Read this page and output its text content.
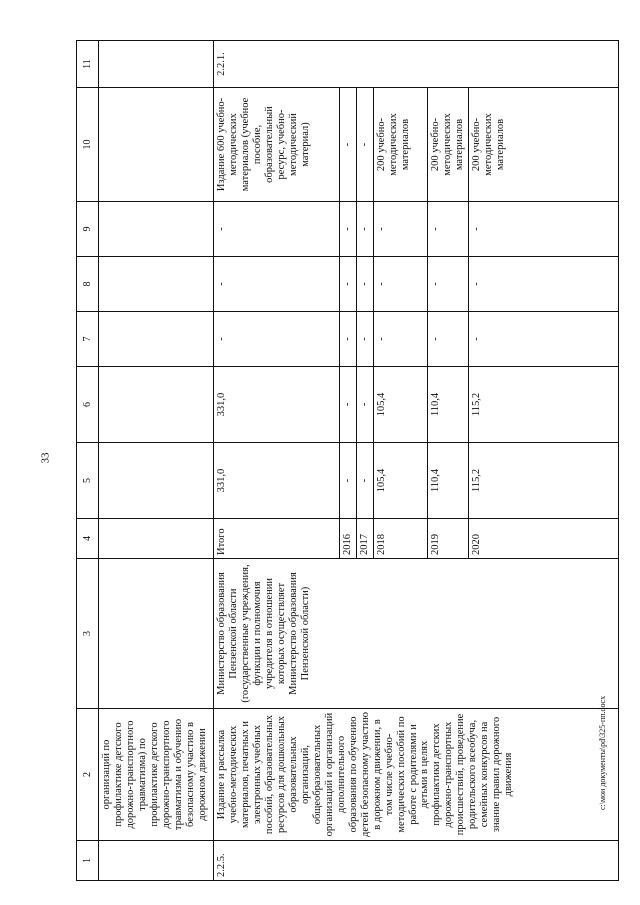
33
1	2	3	4	5	6	7	8	9	10	11
	организаций по профилактике детского дорожно-транспортного травматизма) по профилактике детского дорожно-транспортного травматизма и обучению безопасному участию в дорожном движении									
2.2.5.	Издание и рассылка учебно-методических материалов, печатных и электронных учебных пособий, образовательных ресурсов для дошкольных образовательных организаций, общеобразовательных организаций и организаций дополнительного образования по обучению детей безопасному участию в дорожном движении, в том числе учебно-методических пособий по работе с родителями и детьми в целях профилактики детских дорожно-транспортных происшествий, проведение родительского всеобуча, семейных конкурсов на знание правил дорожного движения	Министерство образования Пензенской области (государственные учреждения, функции и полномочия учредителя в отношении которых осуществляет Министерство образования Пензенской области)	Итого	331,0	331,0	-	-	-	Издание 600 учебно-методических материалов (учебное пособие, образовательный ресурс, учебно-методический материал)	2.2.1.
			2016	-	-	-	-	-	-	
			2017	-	-	-	-	-	-	
			2018	105,4	105,4	-	-	-	200 учебно-методических материалов	
			2019	110,4	110,4	-	-	-	200 учебно-методических материалов	
			2020	115,2	115,2	-	-	-	200 учебно-методических материалов	
c:\мои документы\pd\325-пп.docx
